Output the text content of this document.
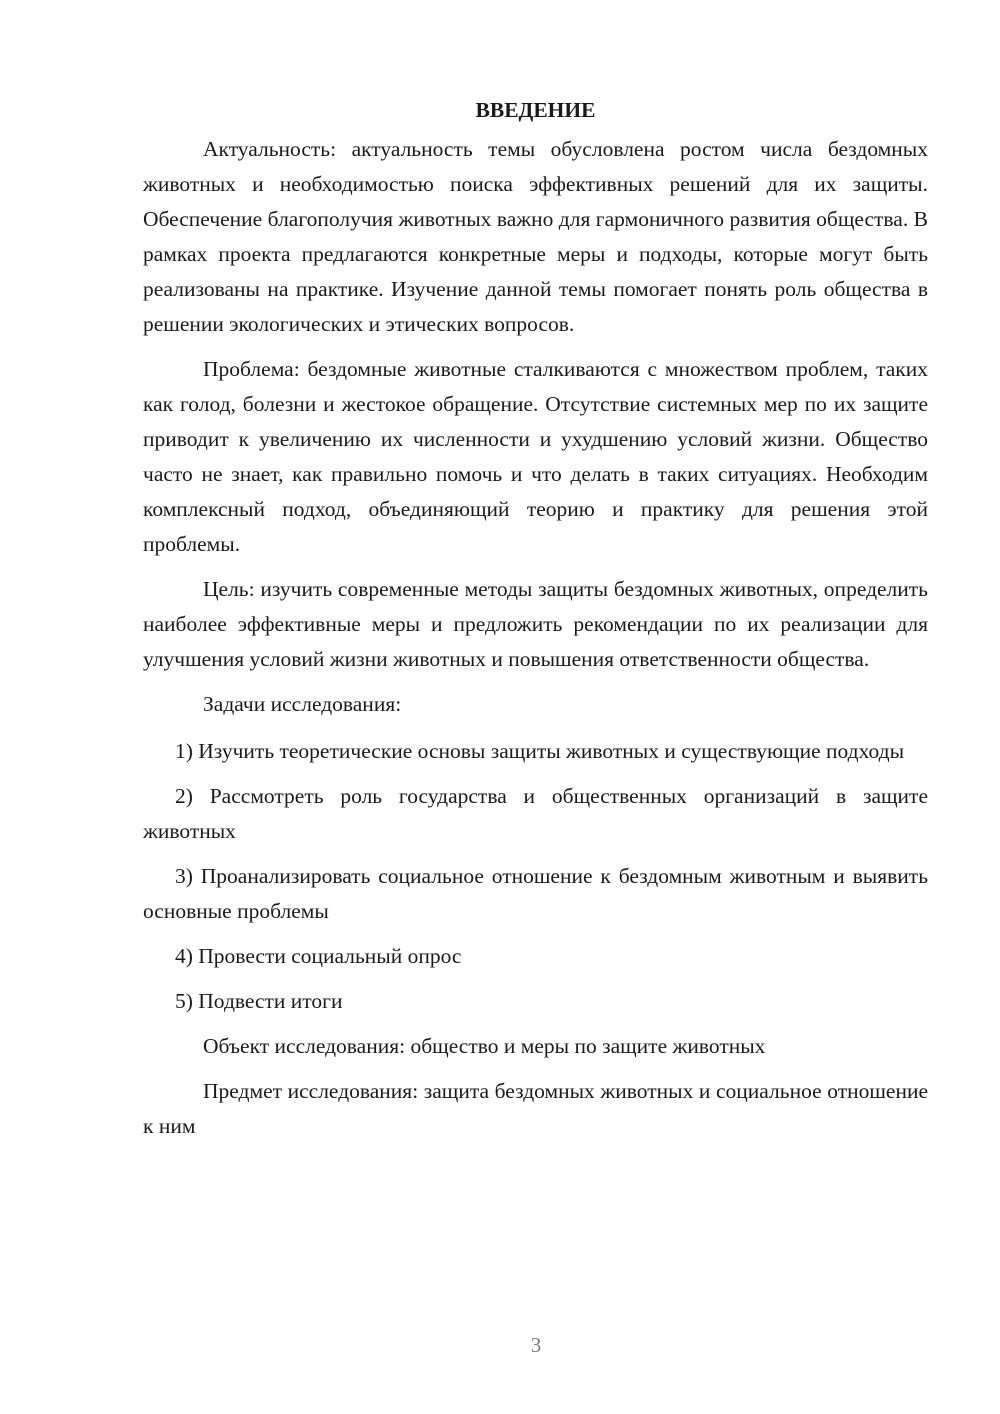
ВВЕДЕНИЕ

Актуальность: актуальность темы обусловлена ростом числа бездомных животных и необходимостью поиска эффективных решений для их защиты. Обеспечение благополучия животных важно для гармоничного развития общества. В рамках проекта предлагаются конкретные меры и подходы, которые могут быть реализованы на практике. Изучение данной темы помогает понять роль общества в решении экологических и этических вопросов.

Проблема: бездомные животные сталкиваются с множеством проблем, таких как голод, болезни и жестокое обращение. Отсутствие системных мер по их защите приводит к увеличению их численности и ухудшению условий жизни. Общество часто не знает, как правильно помочь и что делать в таких ситуациях. Необходим комплексный подход, объединяющий теорию и практику для решения этой проблемы.

Цель: изучить современные методы защиты бездомных животных, определить наиболее эффективные меры и предложить рекомендации по их реализации для улучшения условий жизни животных и повышения ответственности общества.

Задачи исследования:

1) Изучить теоретические основы защиты животных и существующие подходы

2) Рассмотреть роль государства и общественных организаций в защите животных

3) Проанализировать социальное отношение к бездомным животным и выявить основные проблемы

4) Провести социальный опрос

5) Подвести итоги

Объект исследования: общество и меры по защите животных

Предмет исследования: защита бездомных животных и социальное отношение к ним

3
